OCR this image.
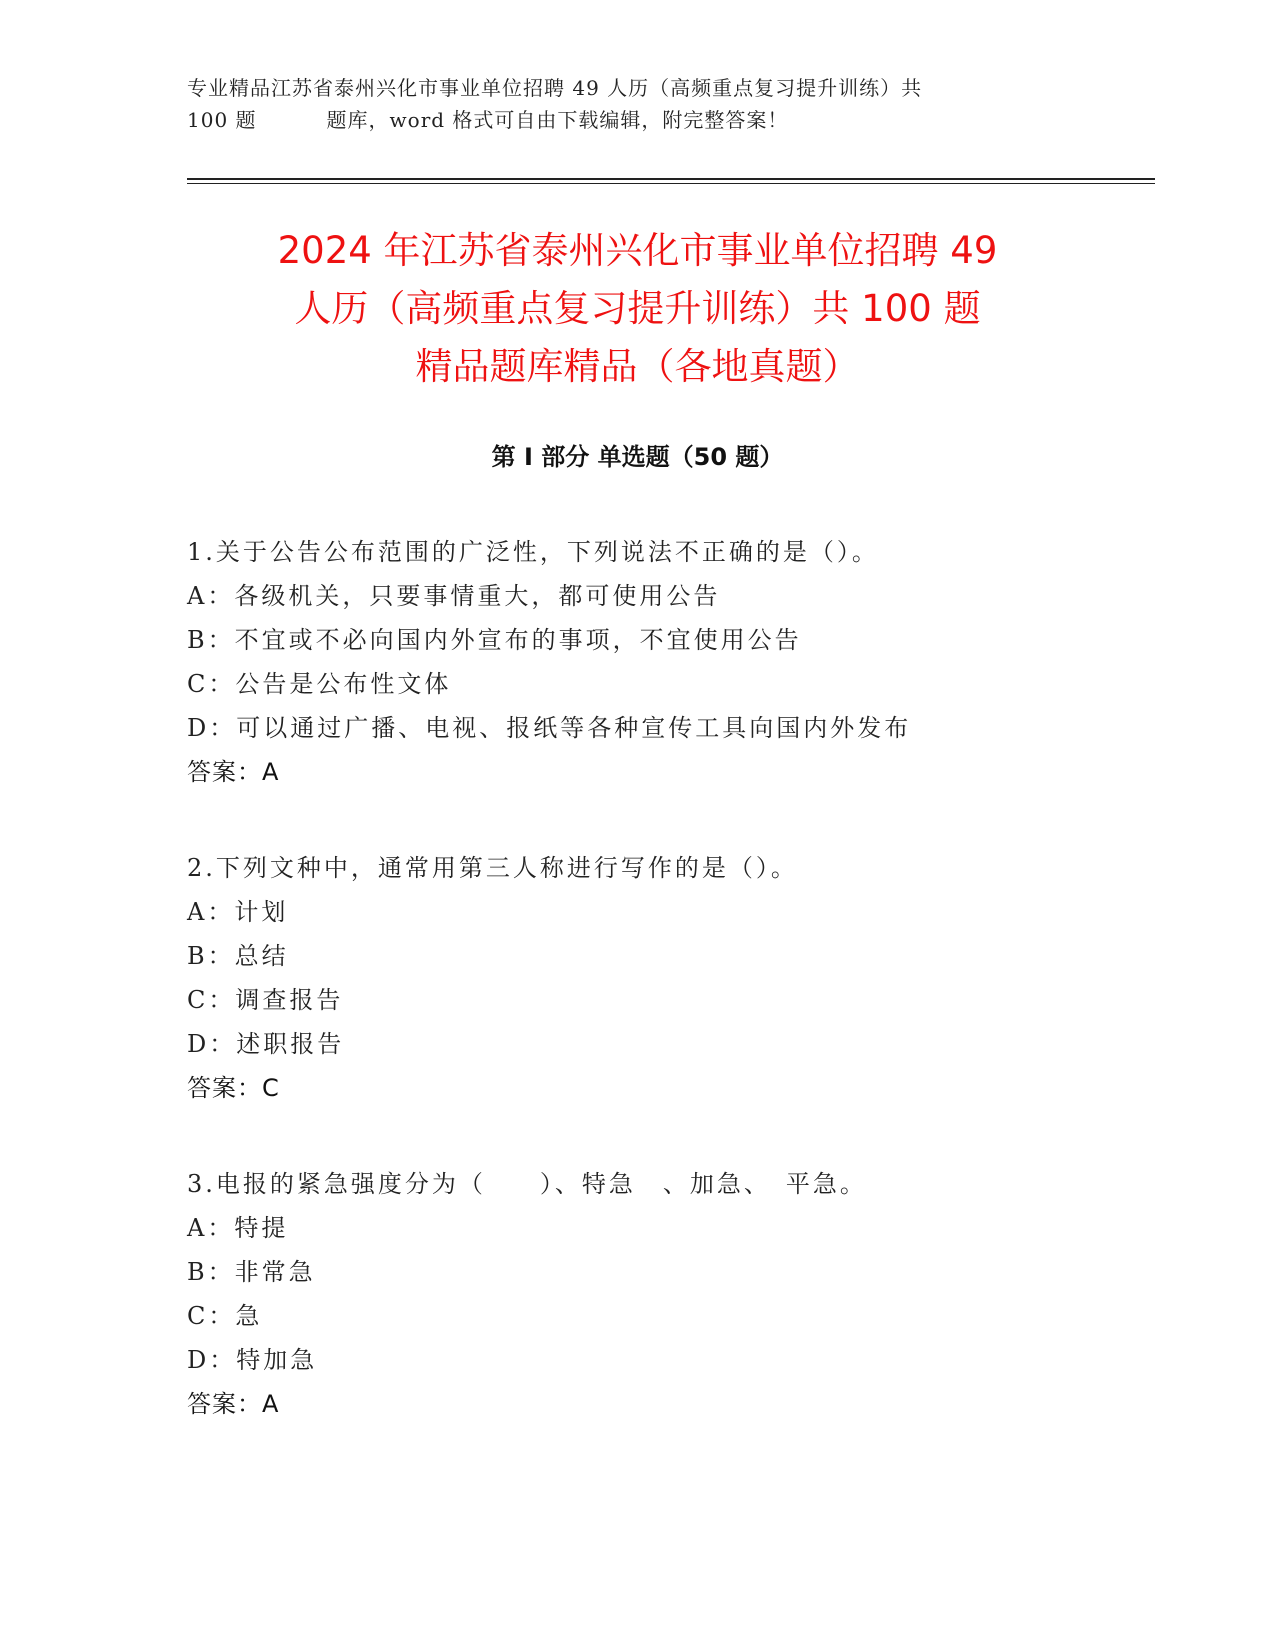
专业精品江苏省泰州兴化市事业单位招聘 49 人历（高频重点复习提升训练）共
100 题	题库，word 格式可自由下载编辑，附完整答案！
2024 年江苏省泰州兴化市事业单位招聘 49
人历（高频重点复习提升训练）共 100 题
精品题库精品（各地真题）
第 I 部分 单选题（50 题）
1.关于公告公布范围的广泛性，下列说法不正确的是（）。
A：各级机关，只要事情重大，都可使用公告
B：不宜或不必向国内外宣布的事项，不宜使用公告
C：公告是公布性文体
D：可以通过广播、电视、报纸等各种宣传工具向国内外发布
答案：A
2.下列文种中，通常用第三人称进行写作的是（）。
A：计划
B：总结
C：调查报告
D：述职报告
答案：C
3.电报的紧急强度分为（　　）、特急　、加急、　平急。
A：特提
B：非常急
C：急
D：特加急
答案：A
